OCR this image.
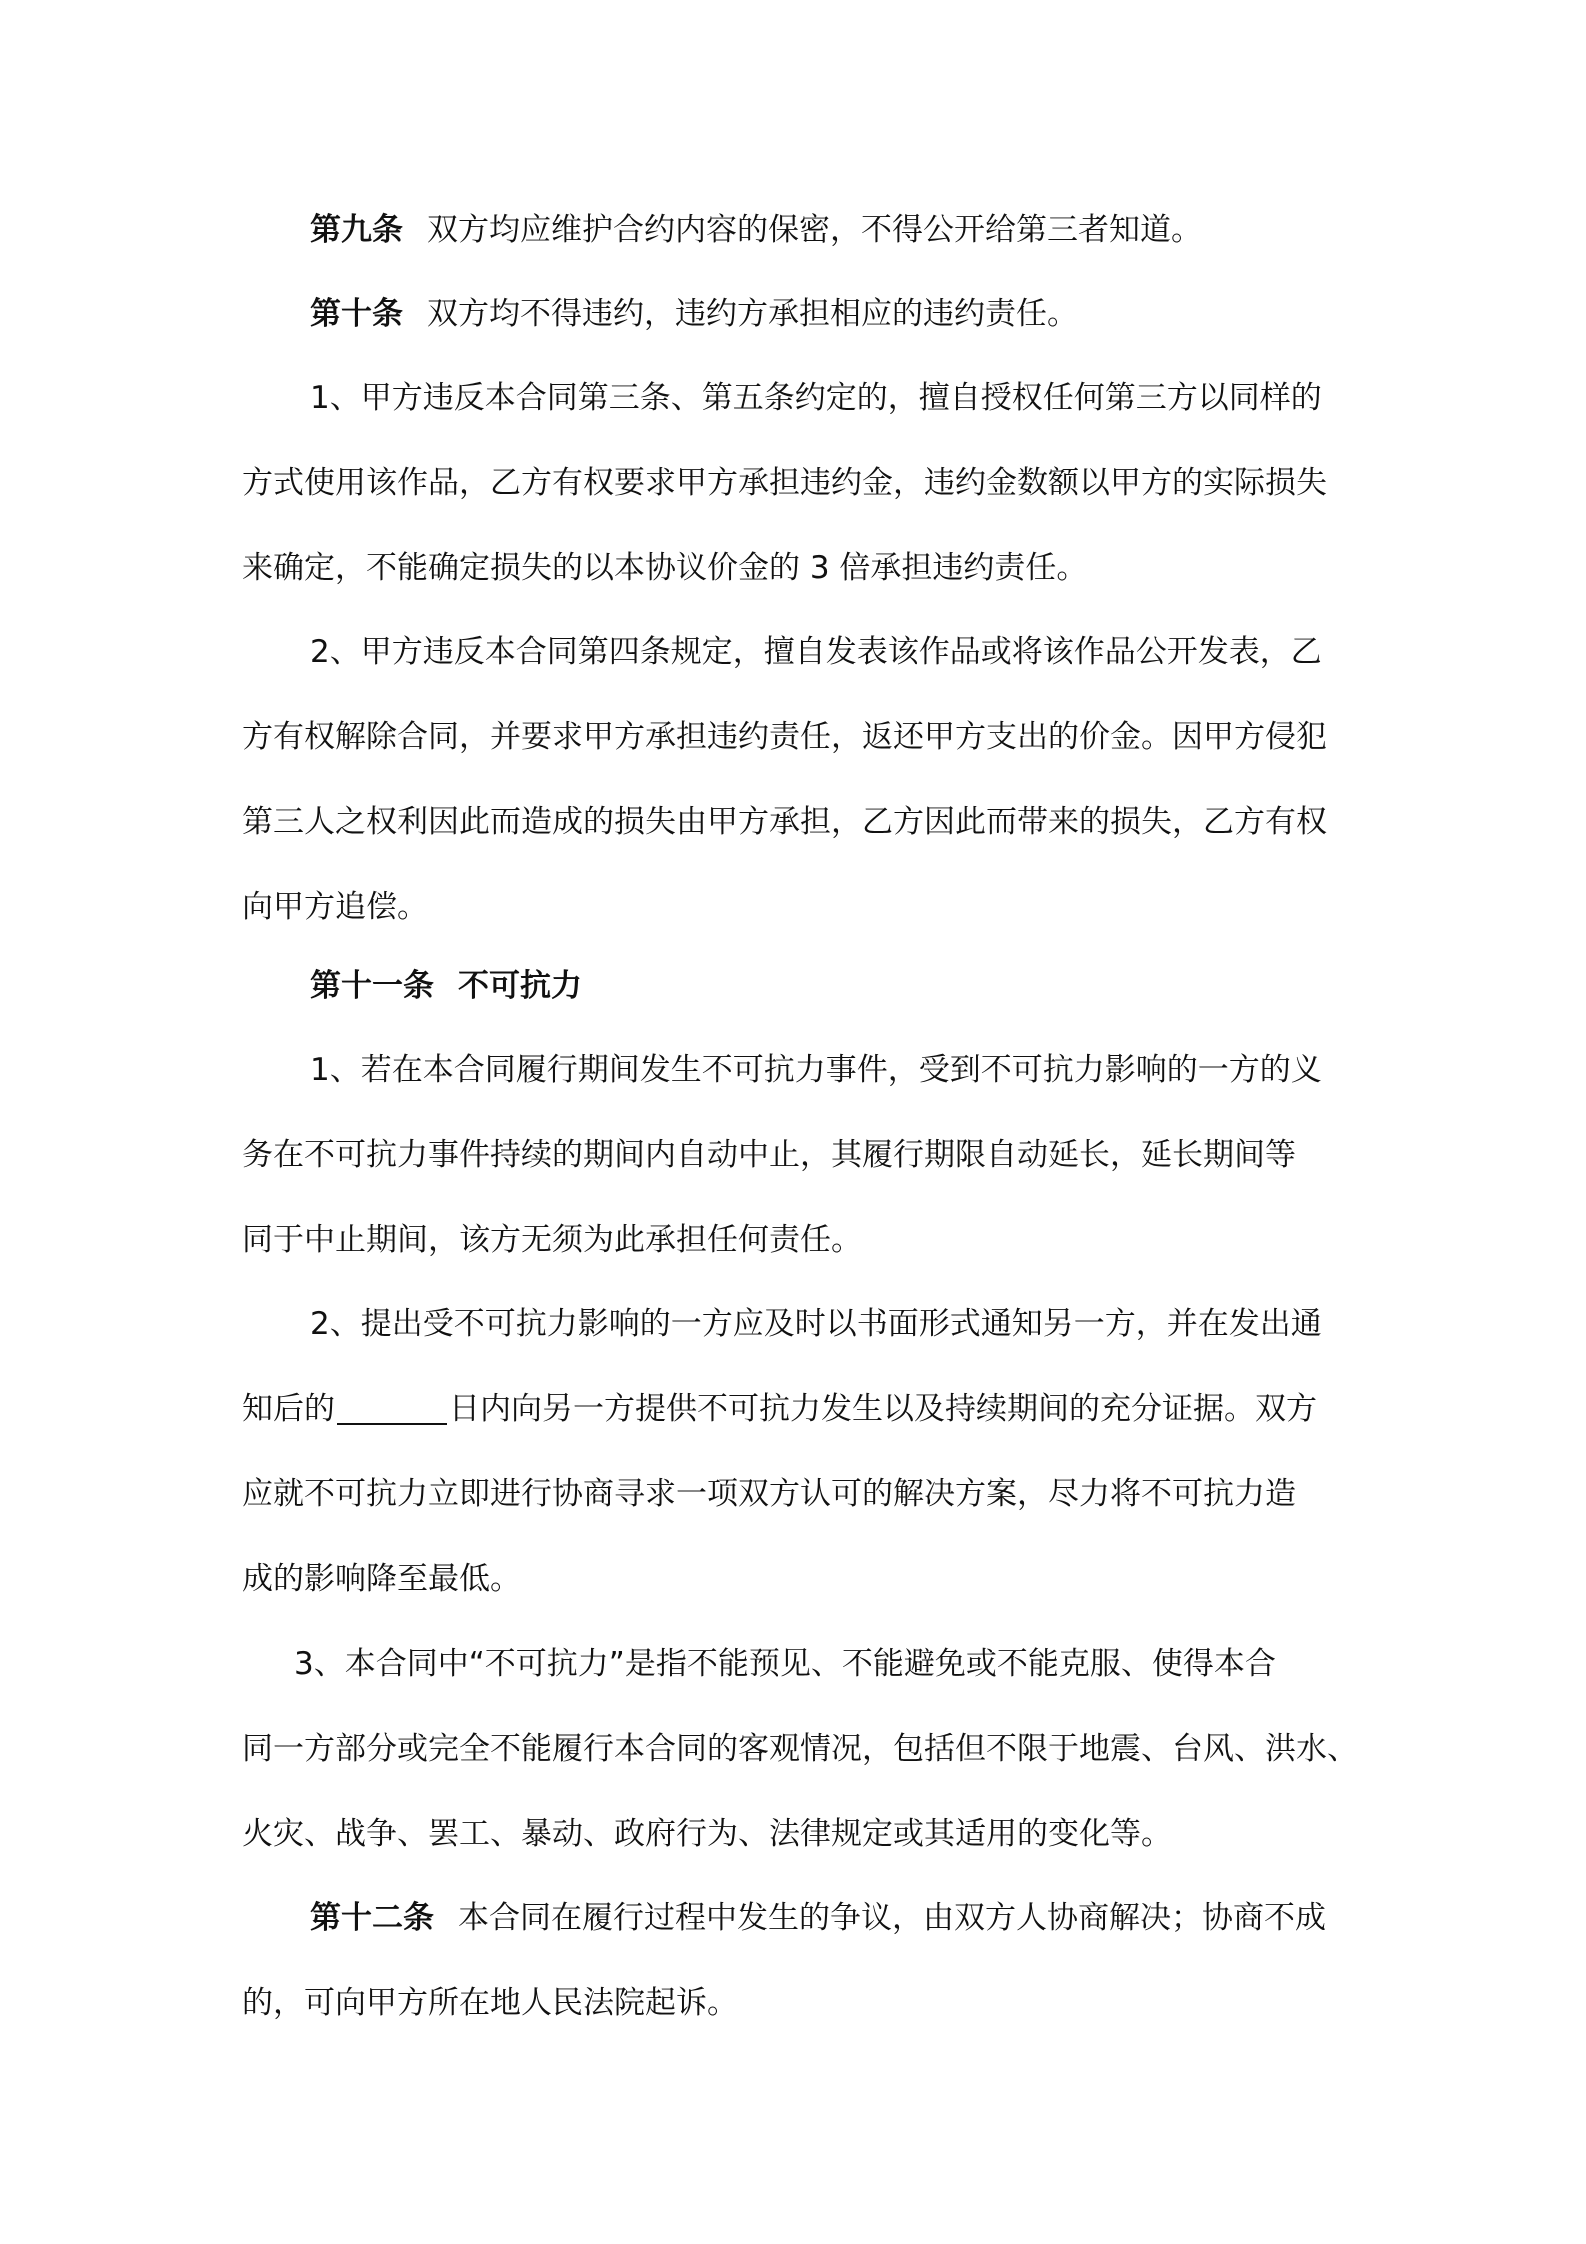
第九条 双方均应维护合约内容的保密，不得公开给第三者知道。

第十条 双方均不得违约，违约方承担相应的违约责任。

1、甲方违反本合同第三条、第五条约定的，擅自授权任何第三方以同样的
方式使用该作品，乙方有权要求甲方承担违约金，违约金数额以甲方的实际损失
来确定，不能确定损失的以本协议价金的 3 倍承担违约责任。
2、甲方违反本合同第四条规定，擅自发表该作品或将该作品公开发表，乙
方有权解除合同，并要求甲方承担违约责任，返还甲方支出的价金。因甲方侵犯
第三人之权利因此而造成的损失由甲方承担，乙方因此而带来的损失，乙方有权
向甲方追偿。

第十一条 不可抗力

1、若在本合同履行期间发生不可抗力事件，受到不可抗力影响的一方的义
务在不可抗力事件持续的期间内自动中止，其履行期限自动延长，延长期间等
同于中止期间，该方无须为此承担任何责任。
2、提出受不可抗力影响的一方应及时以书面形式通知另一方，并在发出通
知后的	日内向另一方提供不可抗力发生以及持续期间的充分证据。双方
应就不可抗力立即进行协商寻求一项双方认可的解决方案，尽力将不可抗力造
成的影响降至最低。
3、本合同中“不可抗力”是指不能预见、不能避免或不能克服、使得本合
同一方部分或完全不能履行本合同的客观情况，包括但不限于地震、台风、洪水、
火灾、战争、罢工、暴动、政府行为、法律规定或其适用的变化等。
第十二条 本合同在履行过程中发生的争议，由双方人协商解决；协商不成
的，可向甲方所在地人民法院起诉。
